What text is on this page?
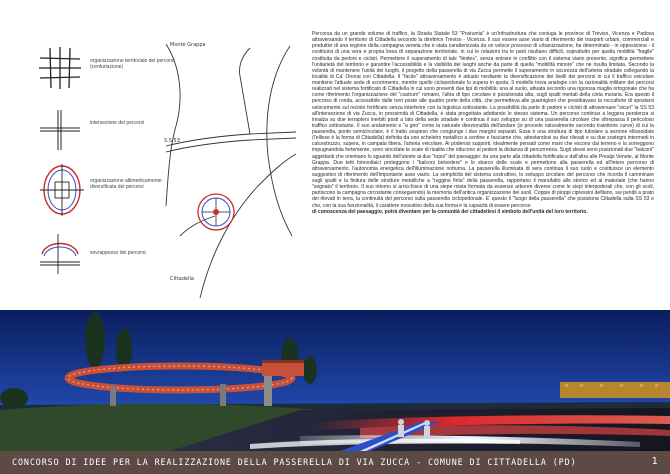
organizzazione territoriale dei percorsi (centuriazione)
intersezione dei percorsi
organizzazione altimetricamente diversificata dei percorsi
sovrapposso dei percorsi
Monte Grappa
S.S.53
Cittadella

Percorsa da un grande volume di traffico, la Strada Statale 53 "Postumia" è un'infrastruttura che coniuga le province di Treviso, Vicenza e Padova attraversando il territorio di Cittadella secondo la direttrice Treviso - Vicenza. Il suo essere asse viario di riferimento dei trasporti urbani, commerciali e produttivi di una regione della campagna veneta che è stata caratterizzata da un veloce processo di urbanizzazione, ha determinato - in opposizione - il costituirsi di una vera e propria linea di separazione territoriale, in cui le relazioni tra le parti risultano difficili, soprattutto per quella mobilità "fragile" costituita da pedoni e ciclisti. Permettere il superamento di tale "limites", senza entrare in conflitto con il sistema viario presente, significa permettere l'unitarietà del territorio e garantire l'accessibilità e la visibilità dei luoghi anche da parte di quella "mobilità minore" che ne risulta limitata. Secondo la volontà di mantenere l'unità dei luoghi, il progetto della passerella di via Zucca permette il superamento in sicurezza dell'arteria stradale collegando la località di Ca' Onorai con Cittadella. Il "facile" attraversamento è attuato mediante la diversificazione dei livelli dei percorsi in cui il traffico veicolare mantiene l'attuale sede di scorrimento, mentre quello ciclopedonale lo supera in quota. Il modello trova analogie con la razionalità militare dei percorsi realizzati nel sistema fortificato di Cittadella in cui sono presenti due tipi di mobilità: una al suolo, attuata secondo una rigorosa maglia ortogonale che ha come riferimento l'organizzazione del "castrum" romano, l'altra di tipo circolare è posizionata alta, sugli spalti merlati della cinta muraria. Era questo il percorso di ronda, accessibile dalle torri poste alle quattro porte della città, che permetteva alle guarnigioni che presidiavano la roccaforte di spostarsi velocemente sul recinto fortificato senza interferire con la logistica sottostante. La possibilità da parte di pedoni e ciclisti di attraversare "sicuri" la SS 53 all'intersezione di via Zucca, in prossimità di Cittadella, è stata progettata adottando lo stesso sistema. Un percorso continuo a leggera pendenza si innalza su due terrapieni inerbiti posti a lato della sede stradale e continua il suo sviluppo su di una passerella circolare che oltrepassa il pericoloso traffico sottostante. Il suo andamento e "a giro" come la naturale direzionalità dell'andare (si procede naturalmente secondo traiettorie curve) di cui la passerella, ponte semicircolare, è il tratto sospeso che congiunge i due margini separati. Essa è una struttura di tipo tubolare a sezione ellissoidale (l'ellisse è la forma di Cittadella) definita da uno scheletro metallico a centine e fasciame che, attestandosi su due rilevati e su due sostegni intermedi in calcestruzzo, supera, in campata libera, l'arteria veicolare. Ai poderosi supporti, idealmente pensati come mani che escono dal terreno e la sorreggono impugnandola fortemente, sono vincolate le scale di risalita che riducono al pedoni la distanza di percorrenza. Sugli stessi sono posizionati due "balconi" aggettanti che orientano lo sguardo dell'utente ai due "topoi" del paesaggio: da una parte alla cittadella fortificata e dall'altra alle Prealpi Venete, al Monte Grappa. Due tetti fotovoltaici proteggono i "balconi belvedere" e lo sbarco delle scale e permettono alla passerella ed all'intero percorso di attraversamento, l'autonomia energetica dell'illuminazione notturna. La passerella illuminata di sera continua il suo ruolo e costituisce un elemento suggestivo di riferimento dell'importante asse viario. La semplicità del sistema costruttivo, lo sviluppo circolare del percorso che ricorda il camminare sugli spalti e la finitura delle strutture metalliche a "ruggine finta" della passerella, rapportano il manufatto allo storico ed al materiale (che hanno "segnato" il territorio. Il suo intorno si arricchisce di una siepe mista formata da essenze arboree diverse come le siepi interpoderali che, con gli scoli, partiscono la campagna circostante conseguendo) la memoria dell'antica organizzazione dei suoli. Coppie di pioppi cipressini defilano, sui pendii a prato dei rilevati in terra, la continuità del percorso sulla passerella ciclopedonale. E' questo il "luogo della passerella" che posiziona Cittadella sulla SS 53 e che, con la sua funzionalità, il carattere evocativo della sua forma e la capacità di essere percorso

di conoscenza del paesaggio, potrà diventare per la comunità dei cittadellesi il simbolo dell'unità del loro territorio.

CONCORSO DI IDEE PER LA REALIZZAZIONE DELLA PASSERELLA DI VIA ZUCCA - COMUNE DI CITTADELLA (PD)	1
